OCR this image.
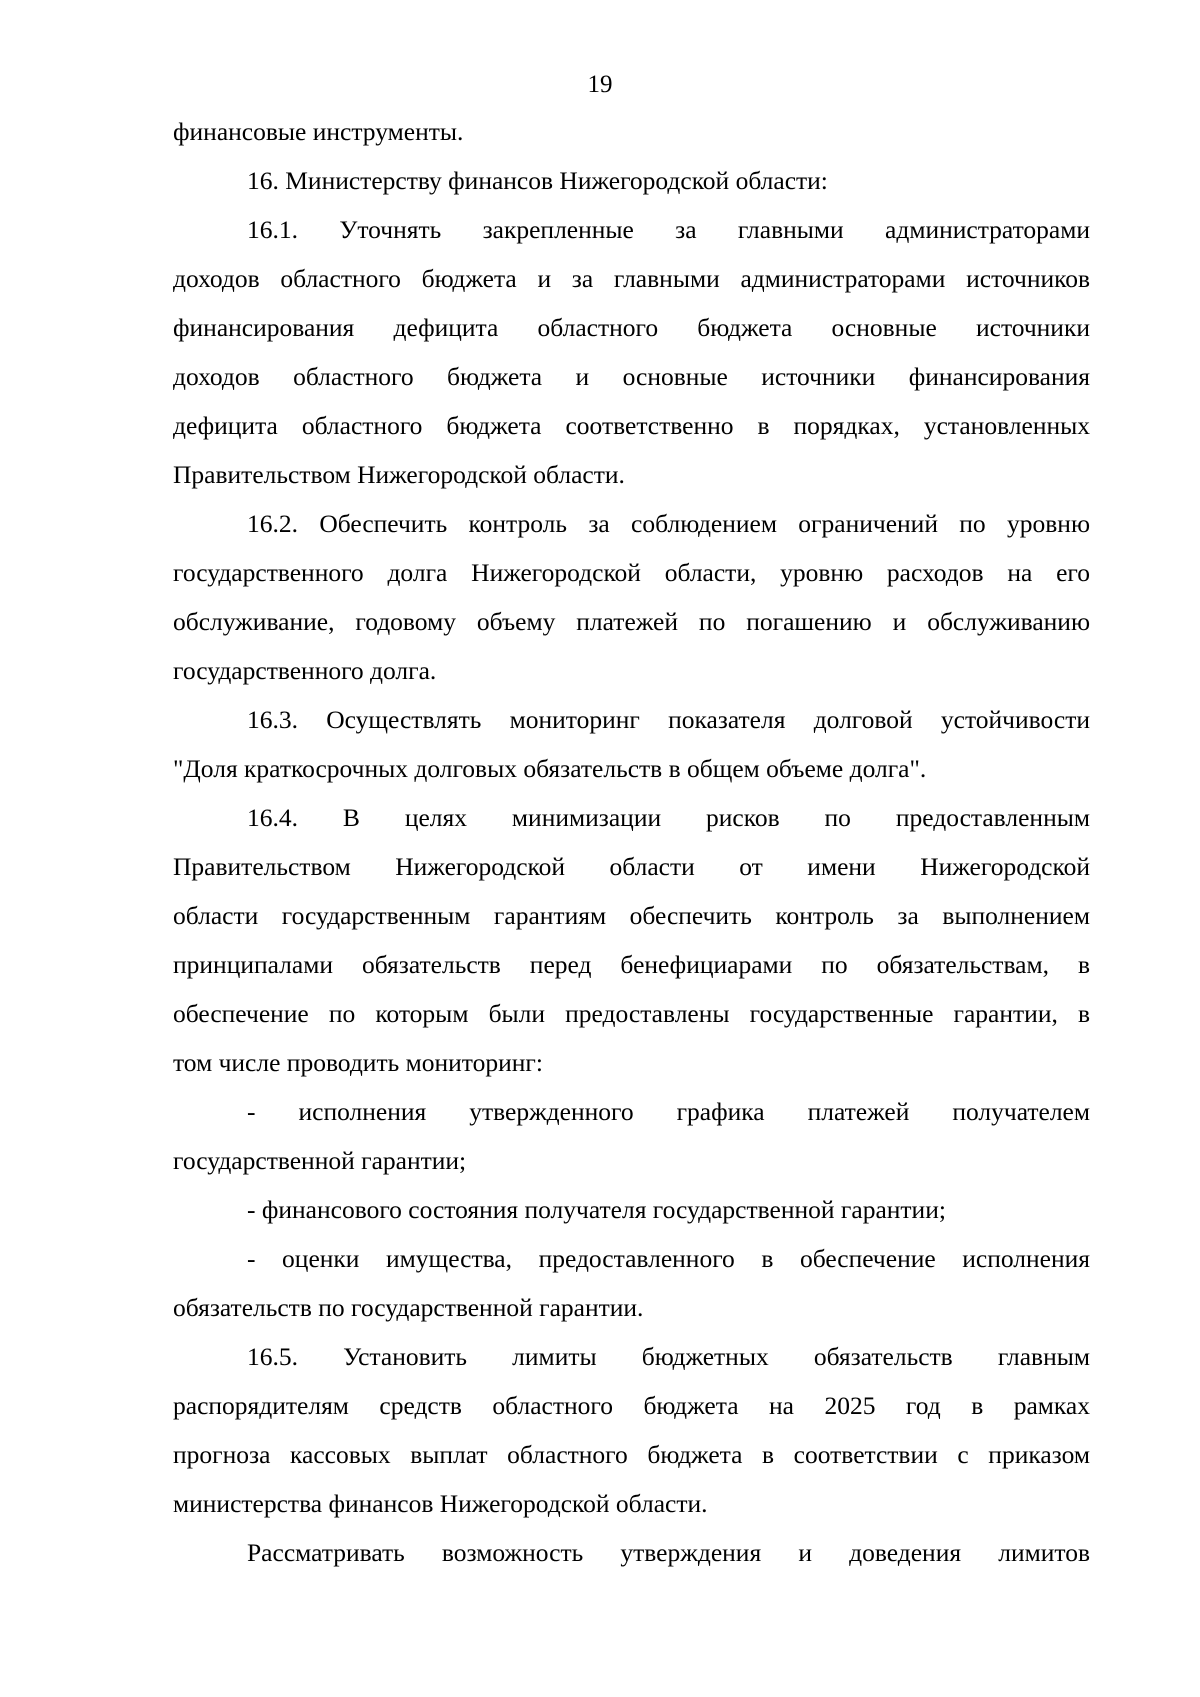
19
финансовые инструменты.
16. Министерству финансов Нижегородской области:
16.1. Уточнять закрепленные за главными администраторами
доходов областного бюджета и за главными администраторами источников
финансирования дефицита областного бюджета основные источники
доходов областного бюджета и основные источники финансирования
дефицита областного бюджета соответственно в порядках, установленных
Правительством Нижегородской области.
16.2. Обеспечить контроль за соблюдением ограничений по уровню
государственного долга Нижегородской области, уровню расходов на его
обслуживание, годовому объему платежей по погашению и обслуживанию
государственного долга.
16.3. Осуществлять мониторинг показателя долговой устойчивости
"Доля краткосрочных долговых обязательств в общем объеме долга".
16.4. В целях минимизации рисков по предоставленным
Правительством Нижегородской области от имени Нижегородской
области государственным гарантиям обеспечить контроль за выполнением
принципалами обязательств перед бенефициарами по обязательствам, в
обеспечение по которым были предоставлены государственные гарантии, в
том числе проводить мониторинг:
- исполнения утвержденного графика платежей получателем
государственной гарантии;
- финансового состояния получателя государственной гарантии;
- оценки имущества, предоставленного в обеспечение исполнения
обязательств по государственной гарантии.
16.5. Установить лимиты бюджетных обязательств главным
распорядителям средств областного бюджета на 2025 год в рамках
прогноза кассовых выплат областного бюджета в соответствии с приказом
министерства финансов Нижегородской области.
Рассматривать возможность утверждения и доведения лимитов
